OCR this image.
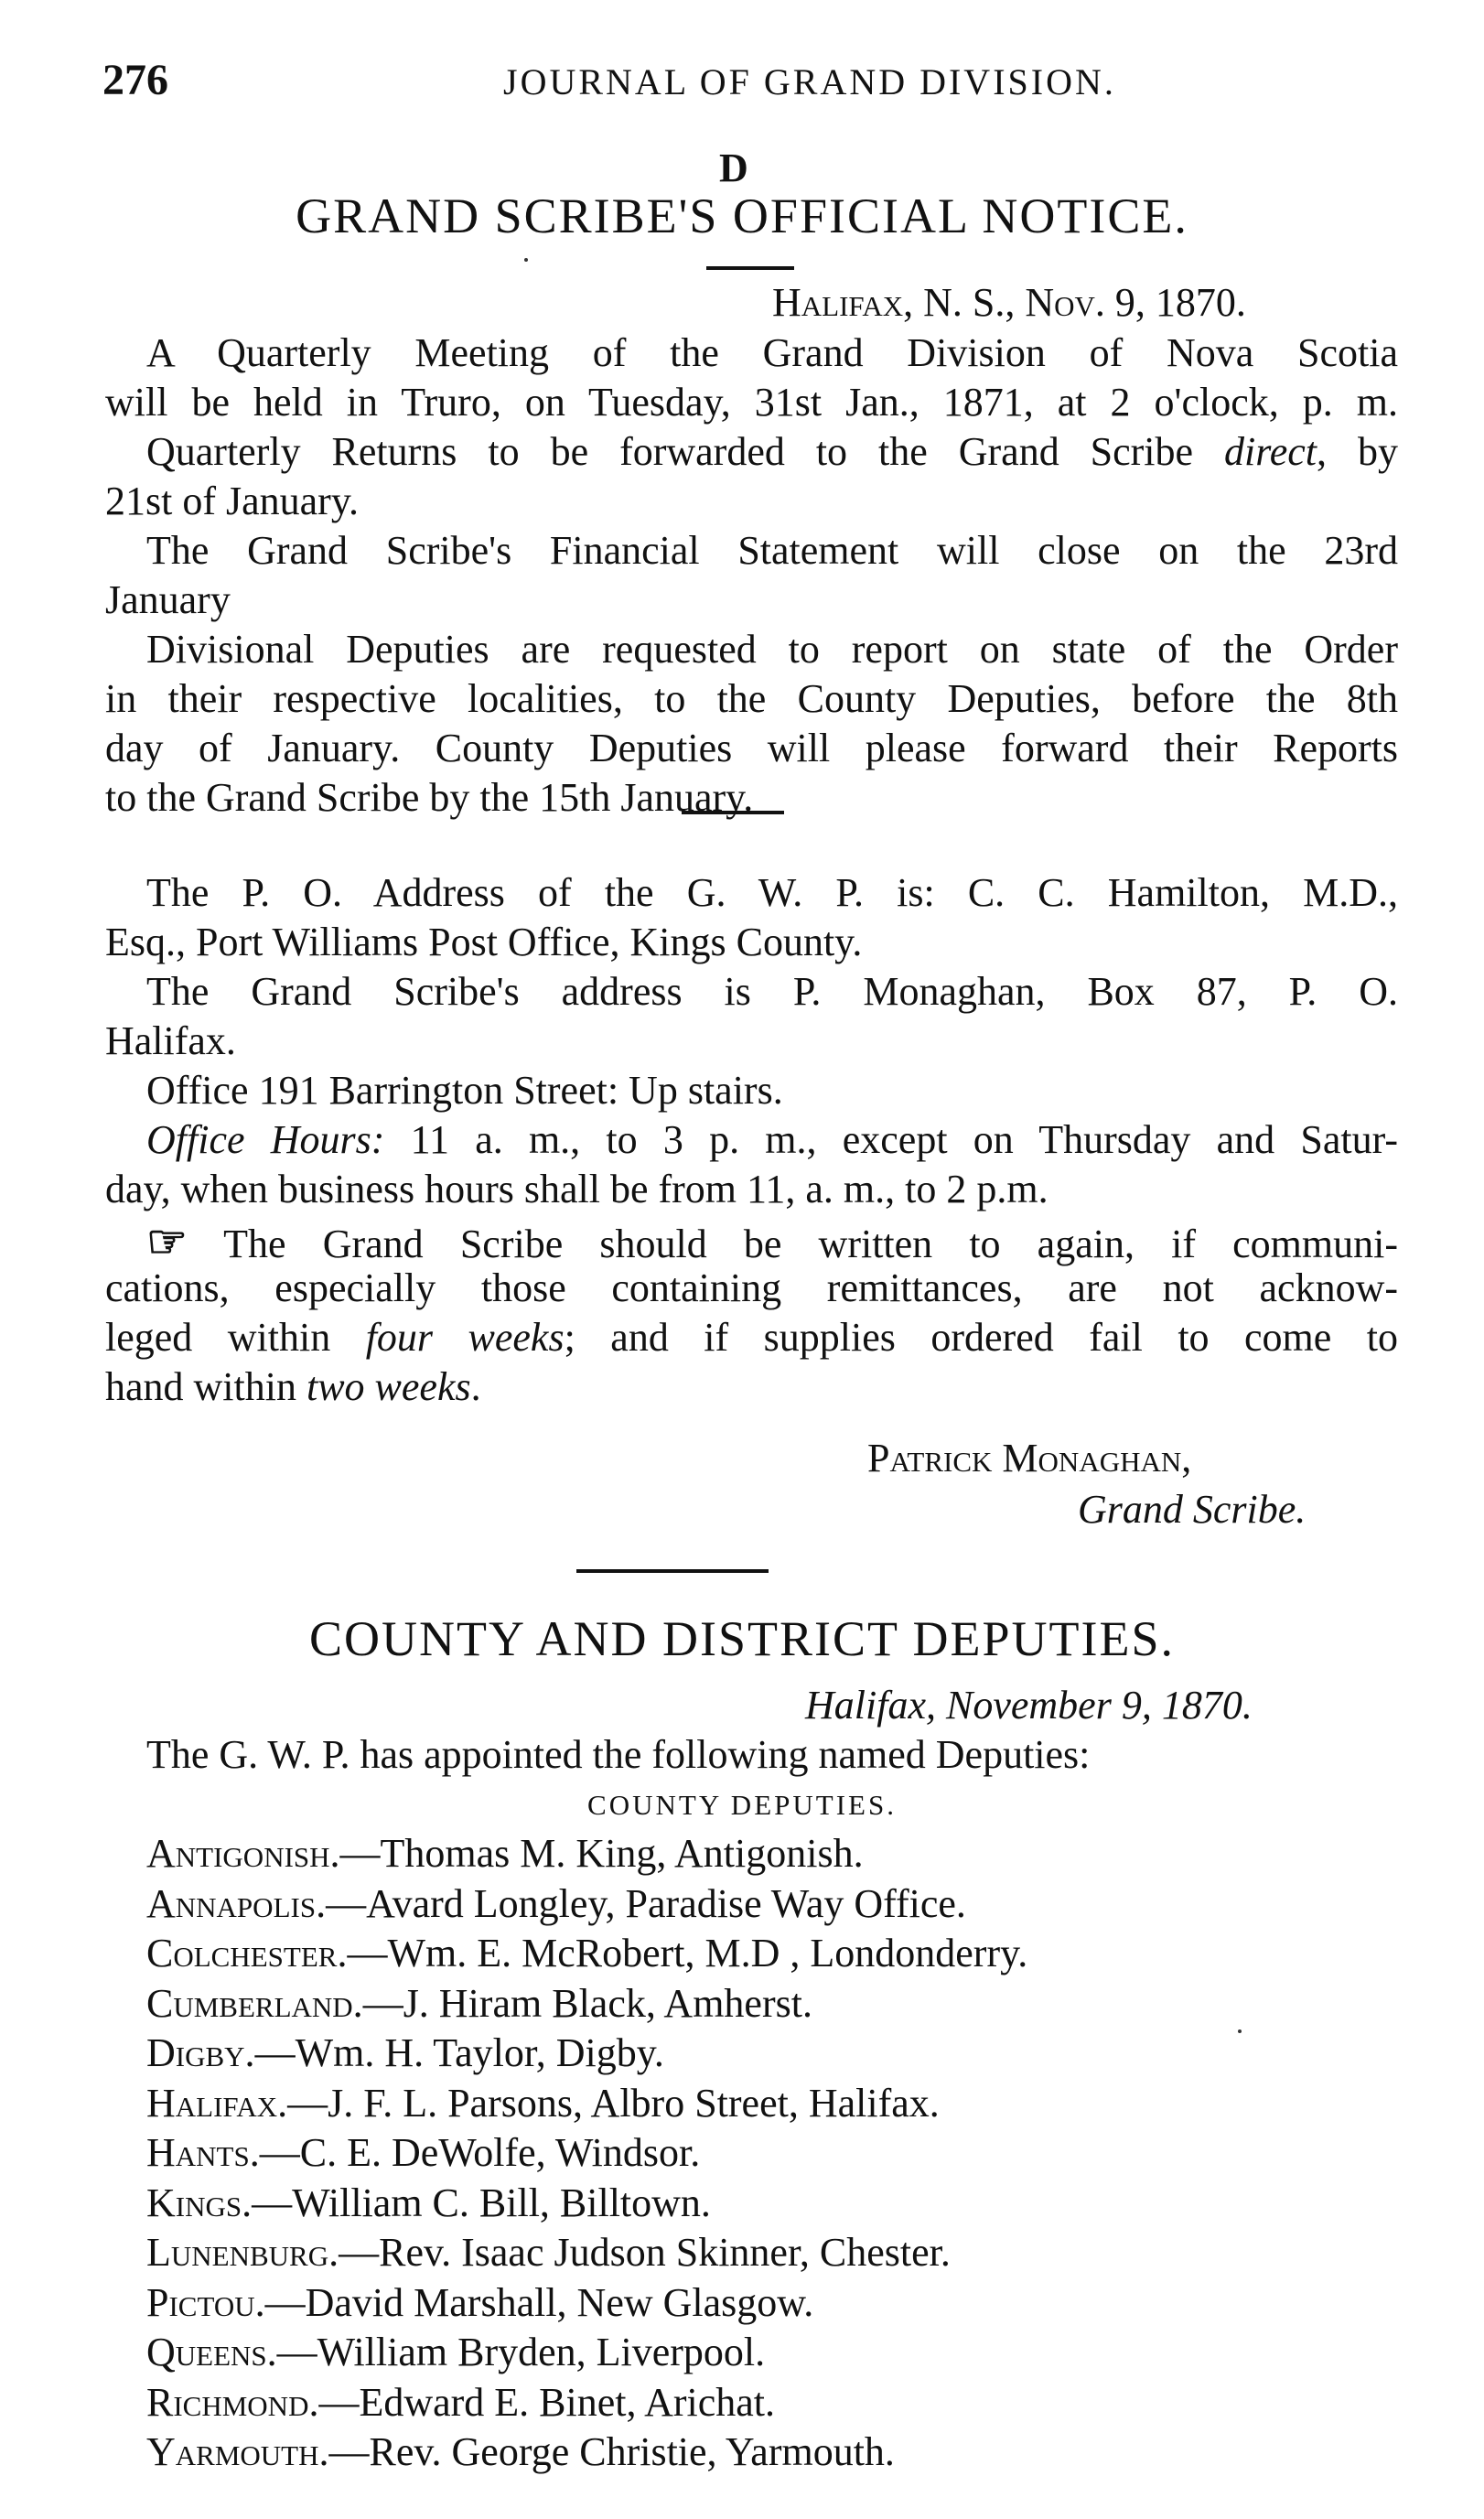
276	JOURNAL OF GRAND DIVISION.
D
GRAND SCRIBE'S OFFICIAL NOTICE.
Halifax, N. S., Nov. 9, 1870.
A Quarterly Meeting of the Grand Division of Nova Scotia
will be held in Truro, on Tuesday, 31st Jan., 1871, at 2 o'clock, p. m.
Quarterly Returns to be forwarded to the Grand Scribe direct, by
21st of January.
The Grand Scribe's Financial Statement will close on the 23rd
January
Divisional Deputies are requested to report on state of the Order
in their respective localities, to the County Deputies, before the 8th
day of January. County Deputies will please forward their Reports
to the Grand Scribe by the 15th January.
The P. O. Address of the G. W. P. is: C. C. Hamilton, M.D.,
Esq., Port Williams Post Office, Kings County.
The Grand Scribe's address is P. Monaghan, Box 87, P. O.
Halifax.
Office 191 Barrington Street: Up stairs.
Office Hours: 11 a. m., to 3 p. m., except on Thursday and Satur-
day, when business hours shall be from 11, a. m., to 2 p.m.
☞ The Grand Scribe should be written to again, if communi-
cations, especially those containing remittances, are not acknow-
leged within four weeks; and if supplies ordered fail to come to
hand within two weeks.
Patrick Monaghan,
Grand Scribe.
COUNTY AND DISTRICT DEPUTIES.
Halifax, November 9, 1870.
The G. W. P. has appointed the following named Deputies:
COUNTY DEPUTIES.
Antigonish.—Thomas M. King, Antigonish.
Annapolis.—Avard Longley, Paradise Way Office.
Colchester.—Wm. E. McRobert, M.D , Londonderry.
Cumberland.—J. Hiram Black, Amherst.
Digby.—Wm. H. Taylor, Digby.
Halifax.—J. F. L. Parsons, Albro Street, Halifax.
Hants.—C. E. DeWolfe, Windsor.
Kings.—William C. Bill, Billtown.
Lunenburg.—Rev. Isaac Judson Skinner, Chester.
Pictou.—David Marshall, New Glasgow.
Queens.—William Bryden, Liverpool.
Richmond.—Edward E. Binet, Arichat.
Yarmouth.—Rev. George Christie, Yarmouth.
